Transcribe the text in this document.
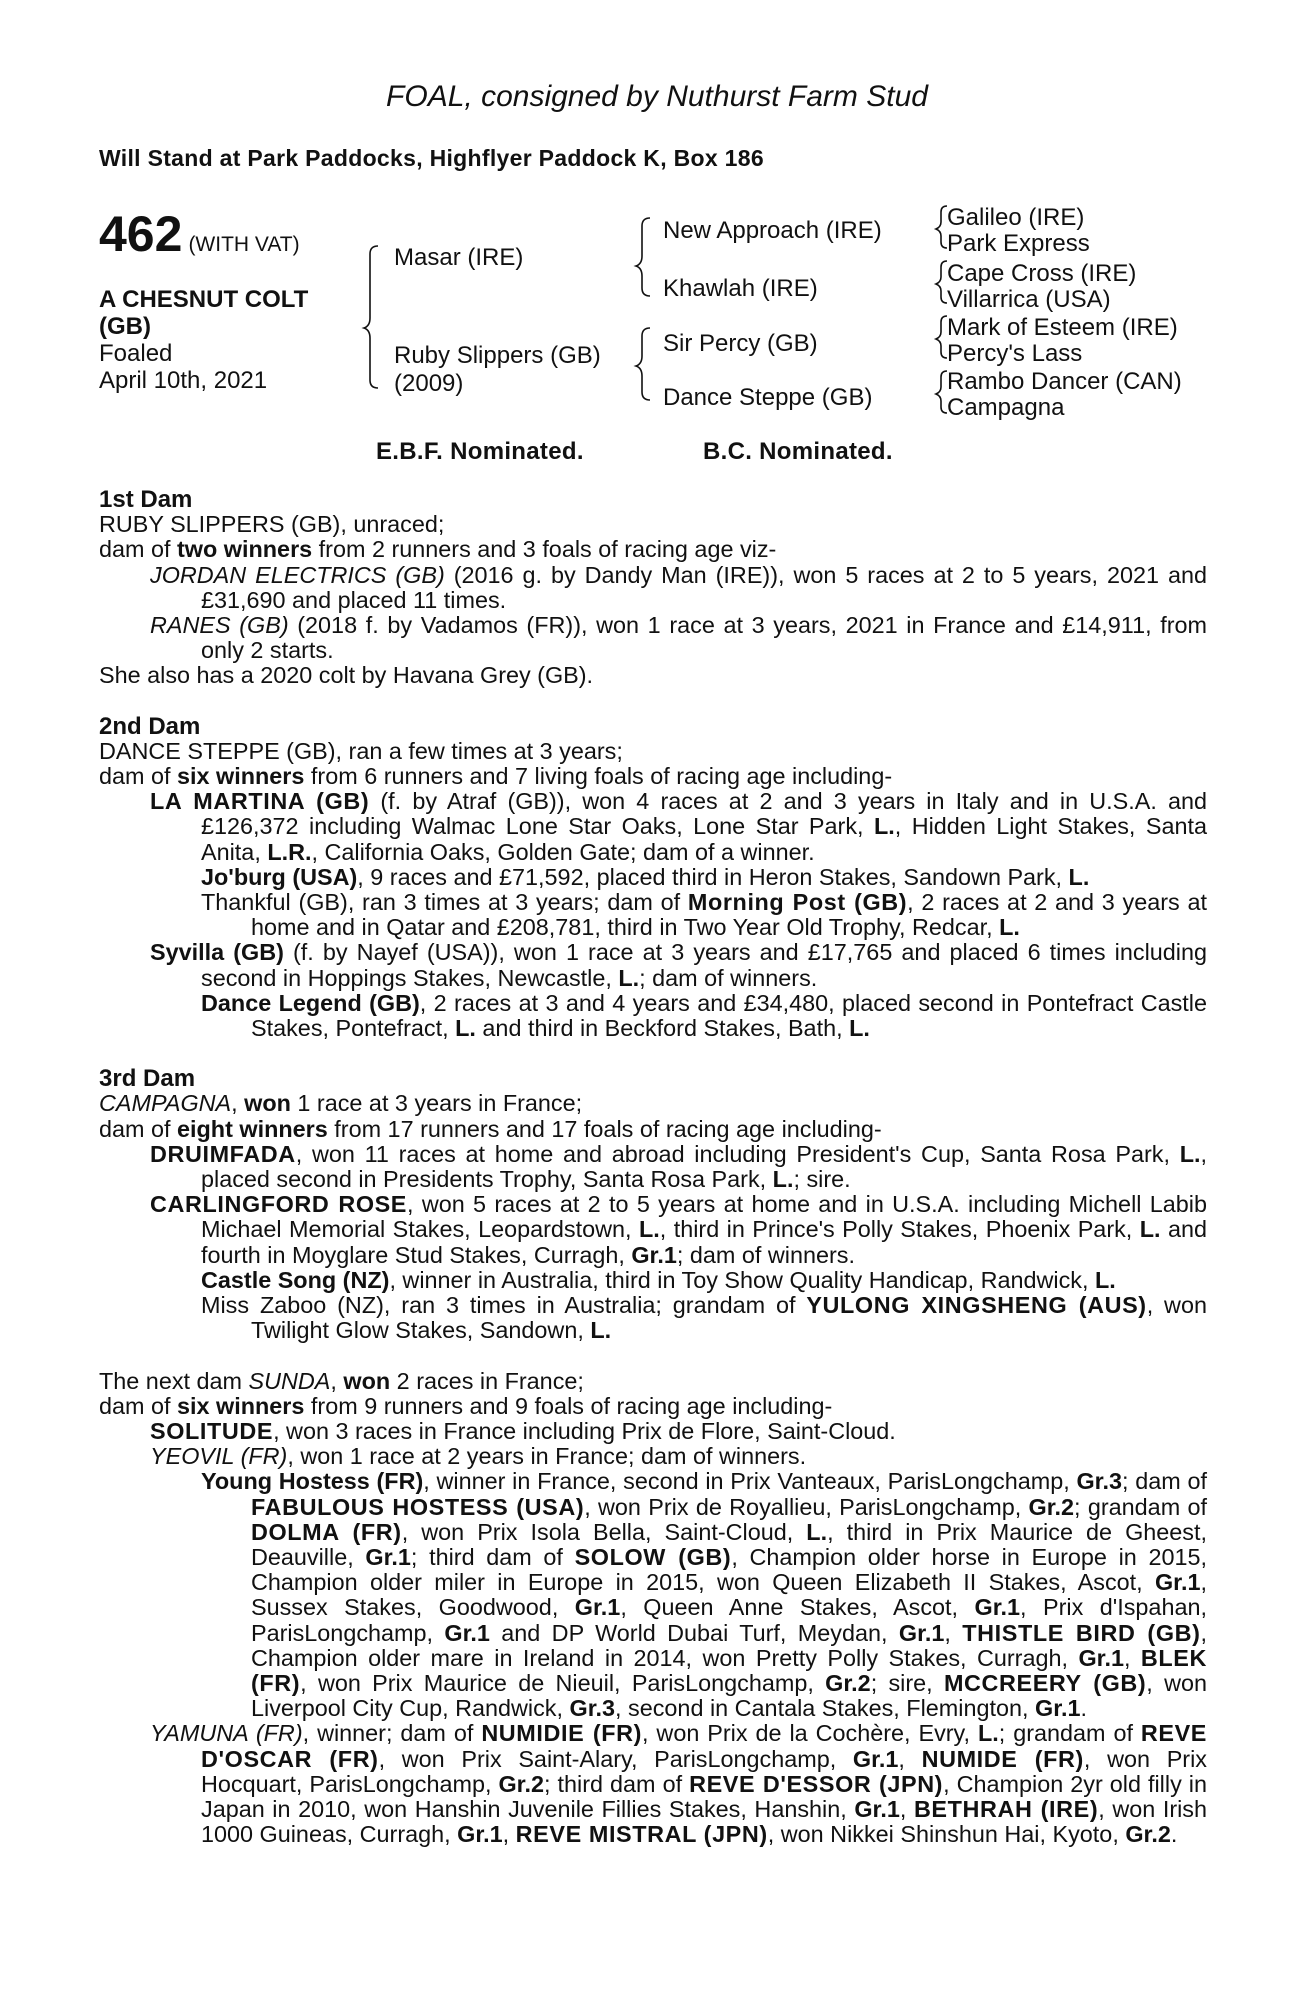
FOAL, consigned by Nuthurst Farm Stud
Will Stand at Park Paddocks, Highflyer Paddock K, Box 186
462 (WITH VAT)
A CHESNUT COLT
(GB)
Foaled
April 10th, 2021
Masar (IRE)
Ruby Slippers (GB)
(2009)
New Approach (IRE)
Khawlah (IRE)
Sir Percy (GB)
Dance Steppe (GB)
Galileo (IRE)
Park Express
Cape Cross (IRE)
Villarrica (USA)
Mark of Esteem (IRE)
Percy's Lass
Rambo Dancer (CAN)
Campagna
E.B.F. Nominated.	B.C. Nominated.

1st Dam

RUBY SLIPPERS (GB), unraced;

dam of two winners from 2 runners and 3 foals of racing age viz-

JORDAN ELECTRICS (GB) (2016 g. by Dandy Man (IRE)), won 5 races at 2 to 5 years, 2021 and £31,690 and placed 11 times.

RANES (GB) (2018 f. by Vadamos (FR)), won 1 race at 3 years, 2021 in France and £14,911, from only 2 starts.

She also has a 2020 colt by Havana Grey (GB).

2nd Dam

DANCE STEPPE (GB), ran a few times at 3 years;

dam of six winners from 6 runners and 7 living foals of racing age including-

LA MARTINA (GB) (f. by Atraf (GB)), won 4 races at 2 and 3 years in Italy and in U.S.A. and £126,372 including Walmac Lone Star Oaks, Lone Star Park, L., Hidden Light Stakes, Santa Anita, L.R., California Oaks, Golden Gate; dam of a winner.

Jo'burg (USA), 9 races and £71,592, placed third in Heron Stakes, Sandown Park, L.

Thankful (GB), ran 3 times at 3 years; dam of Morning Post (GB), 2 races at 2 and 3 years at home and in Qatar and £208,781, third in Two Year Old Trophy, Redcar, L.

Syvilla (GB) (f. by Nayef (USA)), won 1 race at 3 years and £17,765 and placed 6 times including second in Hoppings Stakes, Newcastle, L.; dam of winners.

Dance Legend (GB), 2 races at 3 and 4 years and £34,480, placed second in Pontefract Castle Stakes, Pontefract, L. and third in Beckford Stakes, Bath, L.

3rd Dam

CAMPAGNA, won 1 race at 3 years in France;

dam of eight winners from 17 runners and 17 foals of racing age including-

DRUIMFADA, won 11 races at home and abroad including President's Cup, Santa Rosa Park, L., placed second in Presidents Trophy, Santa Rosa Park, L.; sire.

CARLINGFORD ROSE, won 5 races at 2 to 5 years at home and in U.S.A. including Michell Labib Michael Memorial Stakes, Leopardstown, L., third in Prince's Polly Stakes, Phoenix Park, L. and fourth in Moyglare Stud Stakes, Curragh, Gr.1; dam of winners.

Castle Song (NZ), winner in Australia, third in Toy Show Quality Handicap, Randwick, L.

Miss Zaboo (NZ), ran 3 times in Australia; grandam of YULONG XINGSHENG (AUS), won Twilight Glow Stakes, Sandown, L.

The next dam SUNDA, won 2 races in France;

dam of six winners from 9 runners and 9 foals of racing age including-

SOLITUDE, won 3 races in France including Prix de Flore, Saint-Cloud.

YEOVIL (FR), won 1 race at 2 years in France; dam of winners.

Young Hostess (FR), winner in France, second in Prix Vanteaux, ParisLongchamp, Gr.3; dam of FABULOUS HOSTESS (USA), won Prix de Royallieu, ParisLongchamp, Gr.2; grandam of DOLMA (FR), won Prix Isola Bella, Saint-Cloud, L., third in Prix Maurice de Gheest, Deauville, Gr.1; third dam of SOLOW (GB), Champion older horse in Europe in 2015, Champion older miler in Europe in 2015, won Queen Elizabeth II Stakes, Ascot, Gr.1, Sussex Stakes, Goodwood, Gr.1, Queen Anne Stakes, Ascot, Gr.1, Prix d'Ispahan, ParisLongchamp, Gr.1 and DP World Dubai Turf, Meydan, Gr.1, THISTLE BIRD (GB), Champion older mare in Ireland in 2014, won Pretty Polly Stakes, Curragh, Gr.1, BLEK (FR), won Prix Maurice de Nieuil, ParisLongchamp, Gr.2; sire, MCCREERY (GB), won Liverpool City Cup, Randwick, Gr.3, second in Cantala Stakes, Flemington, Gr.1.

YAMUNA (FR), winner; dam of NUMIDIE (FR), won Prix de la Cochère, Evry, L.; grandam of REVE D'OSCAR (FR), won Prix Saint-Alary, ParisLongchamp, Gr.1, NUMIDE (FR), won Prix Hocquart, ParisLongchamp, Gr.2; third dam of REVE D'ESSOR (JPN), Champion 2yr old filly in Japan in 2010, won Hanshin Juvenile Fillies Stakes, Hanshin, Gr.1, BETHRAH (IRE), won Irish 1000 Guineas, Curragh, Gr.1, REVE MISTRAL (JPN), won Nikkei Shinshun Hai, Kyoto, Gr.2.
